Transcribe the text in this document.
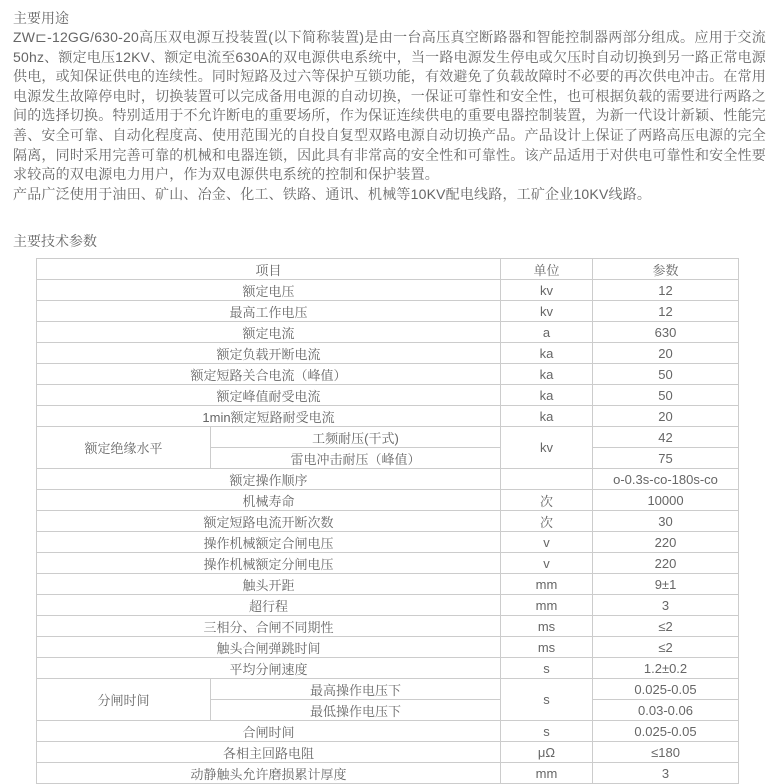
主要用途

ZW⊏-12GG/630-20高压双电源互投装置(以下简称装置)是由一台高压真空断路器和智能控制器两部分组成。应用于交流50hz、额定电压12KV、额定电流至630A的双电源供电系统中，当一路电源发生停电或欠压时自动切换到另一路正常电源供电，或知保证供电的连续性。同时短路及过六等保护互锁功能，有效避免了负载故障时不必要的再次供电冲击。在常用电源发生故障停电时，切换装置可以完成备用电源的自动切换，一保证可靠性和安全性，也可根据负载的需要进行两路之间的选择切换。特别适用于不允许断电的重要场所，作为保证连续供电的重要电器控制装置，为新一代设计新颖、性能完善、安全可靠、自动化程度高、使用范围光的自投自复型双路电源自动切换产品。产品设计上保证了两路高压电源的完全隔离，同时采用完善可靠的机械和电器连锁，因此具有非常高的安全性和可靠性。该产品适用于对供电可靠性和安全性要求较高的双电源电力用户，作为双电源供电系统的控制和保护装置。

产品广泛使用于油田、矿山、冶金、化工、铁路、通讯、机械等10KV配电线路，工矿企业10KV线路。

主要技术参数
项目		单位	参数
额定电压		kv	12
最高工作电压		kv	12
额定电流		a	630
额定负载开断电流		ka	20
额定短路关合电流（峰值）		ka	50
额定峰值耐受电流		ka	50
1min额定短路耐受电流		ka	20
额定绝缘水平	工频耐压(干式)	kv	42
	雷电冲击耐压（峰值）		75
额定操作顺序			o-0.3s-co-180s-co
机械寿命		次	10000
额定短路电流开断次数		次	30
操作机械额定合闸电压		v	220
操作机械额定分闸电压		v	220
触头开距		mm	9±1
超行程		mm	3
三相分、合闸不同期性		ms	≤2
触头合闸弹跳时间		ms	≤2
平均分闸速度		s	1.2±0.2
分闸时间	最高操作电压下	s	0.025-0.05
	最低操作电压下		0.03-0.06
合闸时间		s	0.025-0.05
各相主回路电阻		μΩ	≤180
动静触头允许磨损累计厚度		mm	3
